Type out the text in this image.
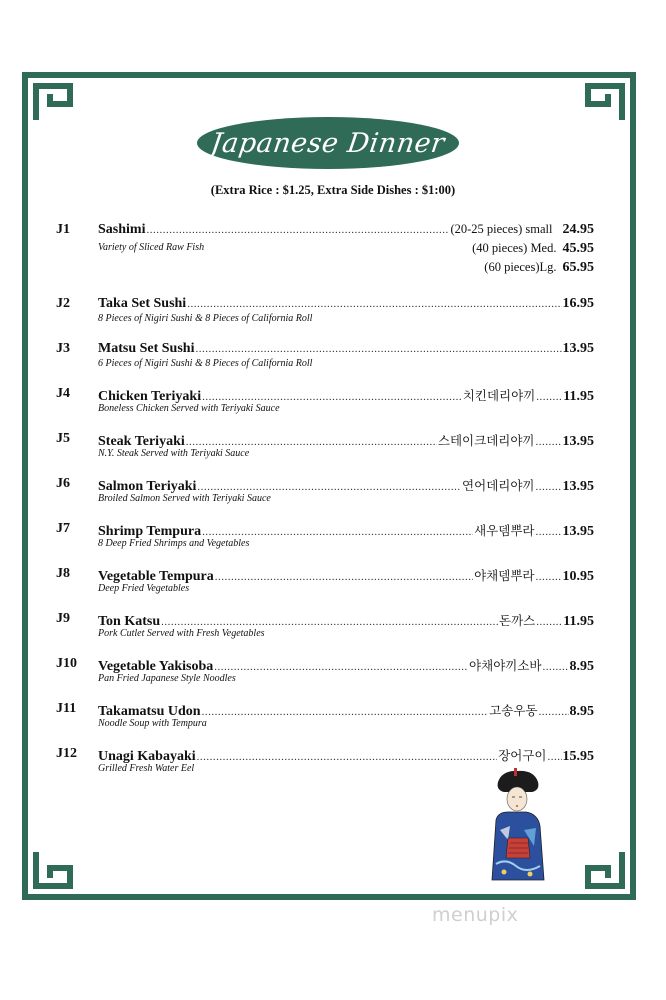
Japanese Dinner
(Extra Rice : $1.25, Extra Side Dishes : $1:00)
J1	Sashimi .....	(20-25 pieces) small 24.95
Variety of Sliced Raw Fish	(40 pieces) Med. 45.95
(60 pieces)Lg. 65.95
J2	Taka Set Sushi .....	16.95
8 Pieces of Nigiri Sushi & 8 Pieces of California Roll
J3	Matsu Set Sushi .....	13.95
6 Pieces of Nigiri Sushi & 8 Pieces of California Roll
J4	Chicken Teriyaki .....	치킨데리야끼 ..... 11.95
Boneless Chicken Served with Teriyaki Sauce
J5	Steak Teriyaki .....	스테이크데리야끼 ..... 13.95
N.Y. Steak Served with Teriyaki Sauce
J6	Salmon Teriyaki .....	연어데리야끼 ..... 13.95
Broiled Salmon Served with Teriyaki Sauce
J7	Shrimp Tempura .....	새우뎀뿌라 ..... 13.95
8 Deep Fried Shrimps and Vegetables
J8	Vegetable Tempura .....	야채뎀뿌라 ..... 10.95
Deep Fried Vegetables
J9	Ton Katsu .....	돈까스 ..... 11.95
Pork Cutlet Served with Fresh Vegetables
J10	Vegetable Yakisoba .....	야채야끼소바 ..... 8.95
Pan Fried Japanese Style Noodles
J11	Takamatsu Udon .....	고송우동 ..... 8.95
Noodle Soup with Tempura
J12	Unagi Kabayaki .....	장어구이 ..... 15.95
Grilled Fresh Water Eel
menupix
